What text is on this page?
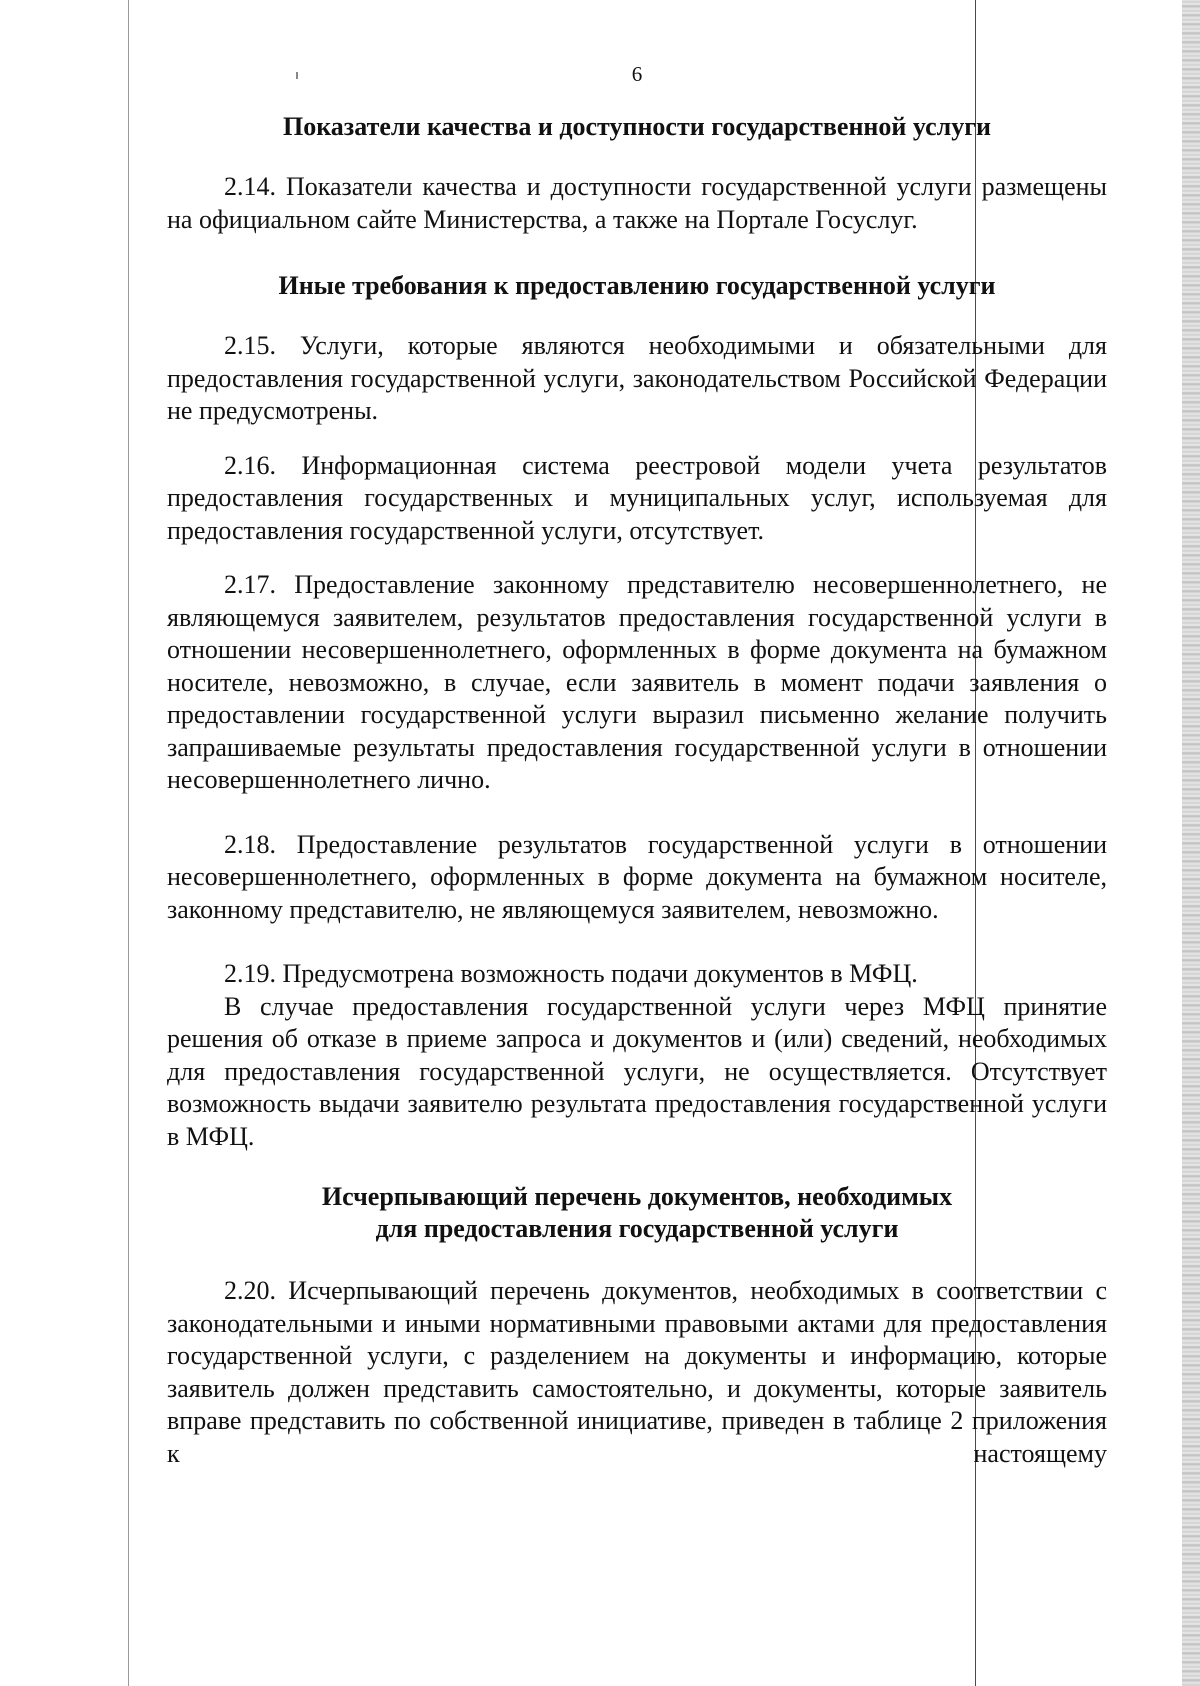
6
Показатели качества и доступности государственной услуги

2.14. Показатели качества и доступности государственной услуги размещены на официальном сайте Министерства, а также на Портале Госуслуг.

Иные требования к предоставлению государственной услуги

2.15. Услуги, которые являются необходимыми и обязательными для предоставления государственной услуги, законодательством Российской Федерации не предусмотрены.

2.16. Информационная система реестровой модели учета результатов предоставления государственных и муниципальных услуг, используемая для предоставления государственной услуги, отсутствует.

2.17. Предоставление законному представителю несовершеннолетнего, не являющемуся заявителем, результатов предоставления государственной услуги в отношении несовершеннолетнего, оформленных в форме документа на бумажном носителе, невозможно, в случае, если заявитель в момент подачи заявления о предоставлении государственной услуги выразил письменно желание получить запрашиваемые результаты предоставления государственной услуги в отношении несовершеннолетнего лично.

2.18. Предоставление результатов государственной услуги в отношении несовершеннолетнего, оформленных в форме документа на бумажном носителе, законному представителю, не являющемуся заявителем, невозможно.

2.19. Предусмотрена возможность подачи документов в МФЦ.

В случае предоставления государственной услуги через МФЦ принятие решения об отказе в приеме запроса и документов и (или) сведений, необходимых для предоставления государственной услуги, не осуществляется. Отсутствует возможность выдачи заявителю результата предоставления государственной услуги в МФЦ.

Исчерпывающий перечень документов, необходимых
для предоставления государственной услуги

2.20. Исчерпывающий перечень документов, необходимых в соответствии с законодательными и иными нормативными правовыми актами для предоставления государственной услуги, с разделением на документы и информацию, которые заявитель должен представить самостоятельно, и документы, которые заявитель вправе представить по собственной инициативе, приведен в таблице 2 приложения к настоящему
